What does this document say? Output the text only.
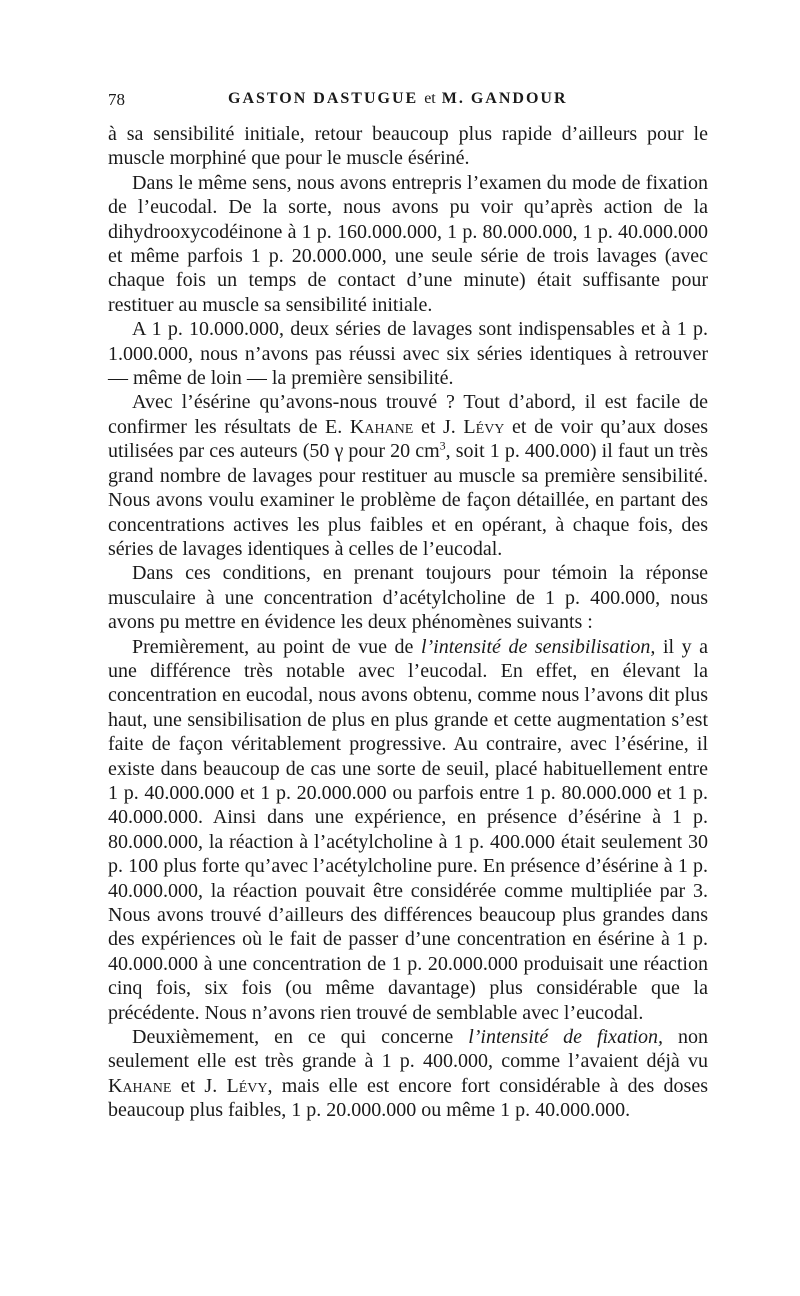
78	GASTON DASTUGUE et M. GANDOUR

à sa sensibilité initiale, retour beaucoup plus rapide d’ailleurs pour le muscle morphiné que pour le muscle ésériné.

Dans le même sens, nous avons entrepris l’examen du mode de fixation de l’eucodal. De la sorte, nous avons pu voir qu’après action de la dihydrooxycodéinone à 1 p. 160.000.000, 1 p. 80.000.000, 1 p. 40.000.000 et même parfois 1 p. 20.000.000, une seule série de trois lavages (avec chaque fois un temps de contact d’une minute) était suffisante pour restituer au muscle sa sensibilité initiale.

A 1 p. 10.000.000, deux séries de lavages sont indispensables et à 1 p. 1.000.000, nous n’avons pas réussi avec six séries identiques à retrouver — même de loin — la première sensibilité.

Avec l’ésérine qu’avons-nous trouvé ? Tout d’abord, il est facile de confirmer les résultats de E. Kahane et J. Lévy et de voir qu’aux doses utilisées par ces auteurs (50 γ pour 20 $cm^3$, soit 1 p. 400.000) il faut un très grand nombre de lavages pour restituer au muscle sa première sensibilité. Nous avons voulu examiner le problème de façon détaillée, en partant des concentrations actives les plus faibles et en opérant, à chaque fois, des séries de lavages identiques à celles de l’eucodal.

Dans ces conditions, en prenant toujours pour témoin la réponse musculaire à une concentration d’acétylcholine de 1 p. 400.000, nous avons pu mettre en évidence les deux phénomènes suivants :

Premièrement, au point de vue de l’intensité de sensibilisation, il y a une différence très notable avec l’eucodal. En effet, en élevant la concentration en eucodal, nous avons obtenu, comme nous l’avons dit plus haut, une sensibilisation de plus en plus grande et cette augmentation s’est faite de façon véritablement progressive. Au contraire, avec l’ésérine, il existe dans beaucoup de cas une sorte de seuil, placé habituellement entre 1 p. 40.000.000 et 1 p. 20.000.000 ou parfois entre 1 p. 80.000.000 et 1 p. 40.000.000. Ainsi dans une expérience, en présence d’ésérine à 1 p. 80.000.000, la réaction à l’acétylcholine à 1 p. 400.000 était seulement 30 p. 100 plus forte qu’avec l’acétylcholine pure. En présence d’ésérine à 1 p. 40.000.000, la réaction pouvait être considérée comme multipliée par 3. Nous avons trouvé d’ailleurs des différences beaucoup plus grandes dans des expériences où le fait de passer d’une concentration en ésérine à 1 p. 40.000.000 à une concentration de 1 p. 20.000.000 produisait une réaction cinq fois, six fois (ou même davantage) plus considérable que la précédente. Nous n’avons rien trouvé de semblable avec l’eucodal.

Deuxièmement, en ce qui concerne l’intensité de fixation, non seulement elle est très grande à 1 p. 400.000, comme l’avaient déjà vu Kahane et J. Lévy, mais elle est encore fort considérable à des doses beaucoup plus faibles, 1 p. 20.000.000 ou même 1 p. 40.000.000.
